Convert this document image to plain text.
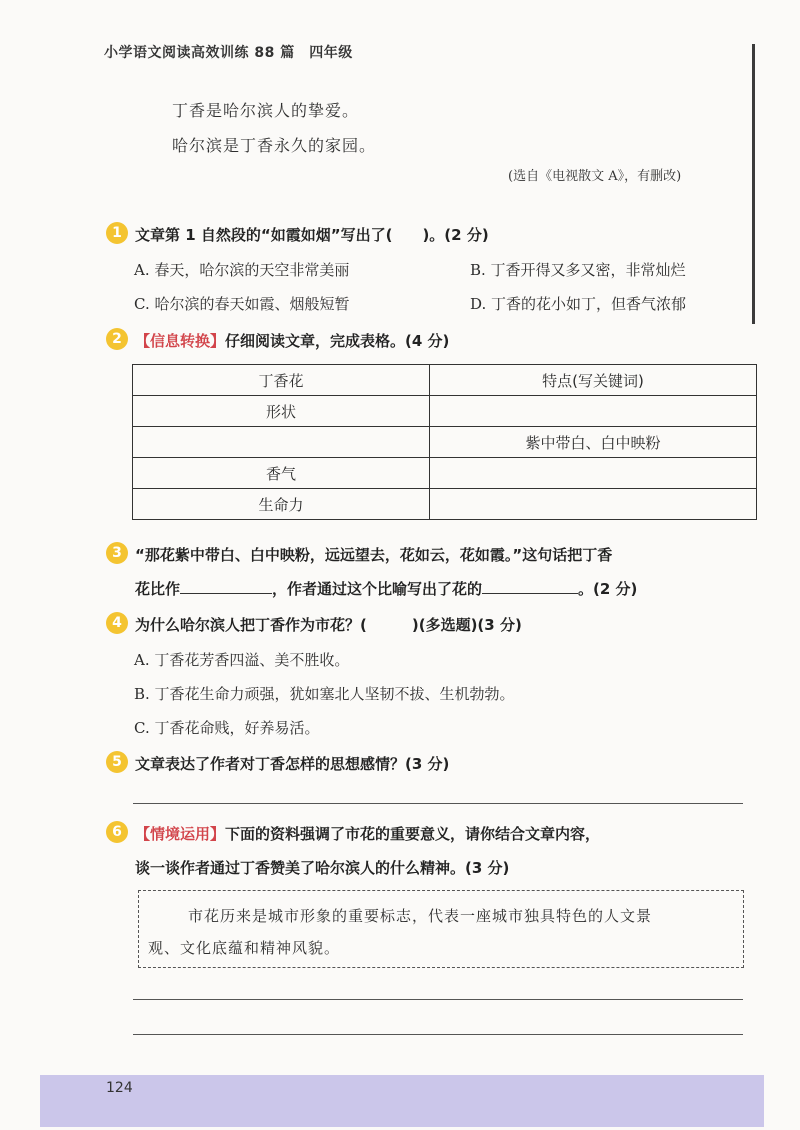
小学语文阅读高效训练 88 篇　四年级
丁香是哈尔滨人的挚爱。
哈尔滨是丁香永久的家园。
(选自《电视散文 A》，有删改)
1 文章第 1 自然段的“如霞如烟”写出了(　　)。(2 分)
A. 春天，哈尔滨的天空非常美丽	B. 丁香开得又多又密，非常灿烂
C. 哈尔滨的春天如霞、烟般短暂	D. 丁香的花小如丁，但香气浓郁
2 【信息转换】仔细阅读文章，完成表格。(4 分)
丁香花	特点(写关键词)
形状	
	紫中带白、白中映粉
香气	
生命力	
3 “那花紫中带白、白中映粉，远远望去，花如云，花如霞。”这句话把丁香
花比作	，作者通过这个比喻写出了花的	。(2 分)
4 为什么哈尔滨人把丁香作为市花？(　　　)(多选题)(3 分)
A. 丁香花芳香四溢、美不胜收。
B. 丁香花生命力顽强，犹如塞北人坚韧不拔、生机勃勃。
C. 丁香花命贱，好养易活。
5 文章表达了作者对丁香怎样的思想感情？(3 分)
6 【情境运用】下面的资料强调了市花的重要意义，请你结合文章内容，
谈一谈作者通过丁香赞美了哈尔滨人的什么精神。(3 分)
市花历来是城市形象的重要标志，代表一座城市独具特色的人文景
观、文化底蕴和精神风貌。
124
